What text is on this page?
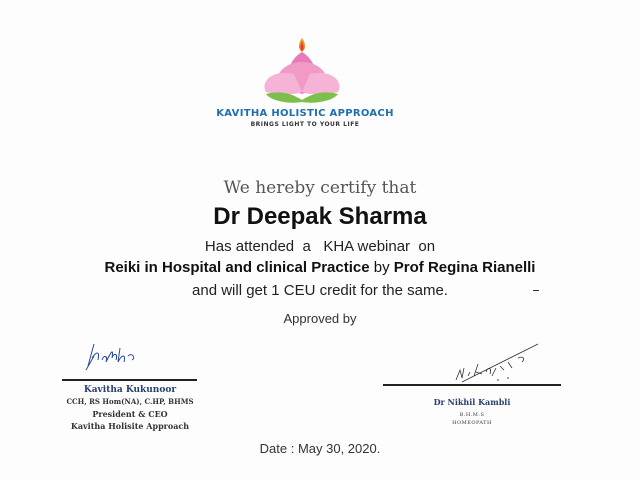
KAVITHA HOLISTIC APPROACH
BRINGS LIGHT TO YOUR LIFE
We hereby certify that
Dr Deepak Sharma
Has attended  a   KHA webinar  on
Reiki in Hospital and clinical Practice by Prof Regina Rianelli
and will get 1 CEU credit for the same.
Approved by
Kavitha Kukunoor
CCH, RS Hom(NA), C.HP, BHMS
President & CEO
Kavitha Holisite Approach
Dr Nikhil Kambli
B.H.M.S
HOMEOPATH
Date : May 30, 2020.
